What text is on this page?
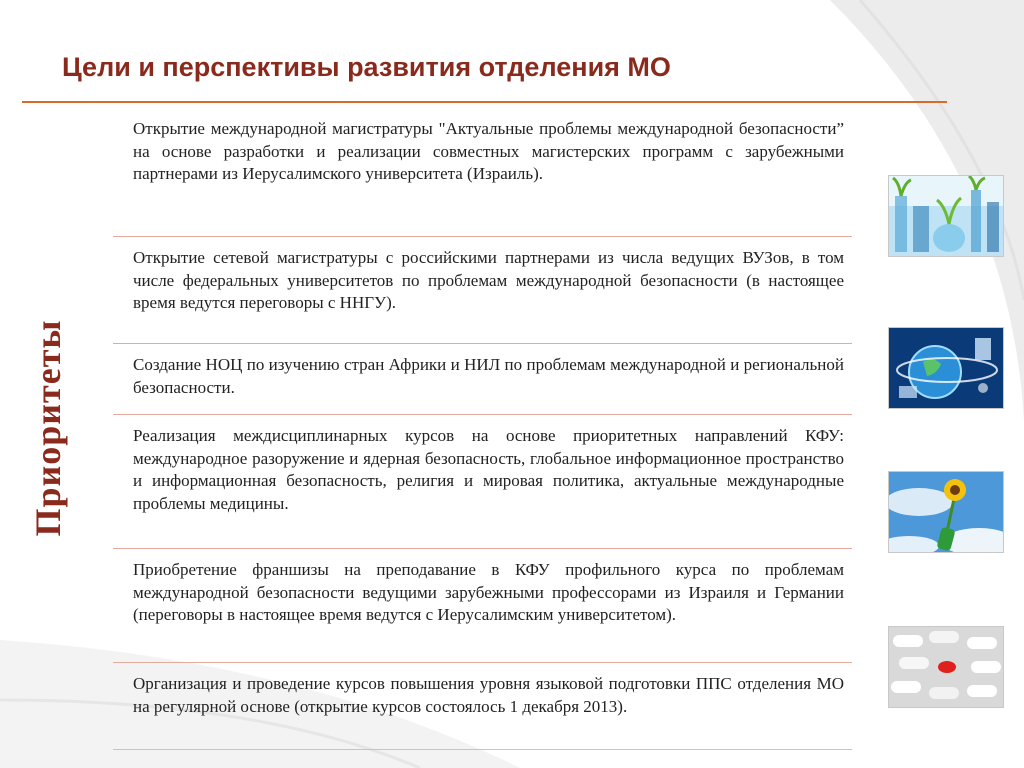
Цели и перспективы развития отделения МО
Приоритеты

Открытие международной магистратуры "Актуальные проблемы международной безопасности” на основе разработки и реализации совместных магистерских программ с зарубежными партнерами из Иерусалимского университета (Израиль).

Открытие сетевой магистратуры с российскими партнерами из числа ведущих ВУЗов, в том числе федеральных университетов по проблемам международной безопасности (в настоящее время ведутся переговоры с ННГУ).

Создание НОЦ по изучению стран Африки и НИЛ по проблемам международной и региональной безопасности.

Реализация междисциплинарных курсов на основе приоритетных направлений КФУ: международное разоружение и ядерная безопасность, глобальное информационное пространство и информационная безопасность, религия и мировая политика, актуальные международные проблемы медицины.

Приобретение франшизы на преподавание в КФУ профильного курса по проблемам международной безопасности ведущими зарубежными профессорами из Израиля и Германии (переговоры в настоящее время ведутся с Иерусалимским университетом).

Организация и проведение курсов повышения уровня языковой подготовки ППС отделения МО на регулярной основе (открытие курсов состоялось 1 декабря 2013).
